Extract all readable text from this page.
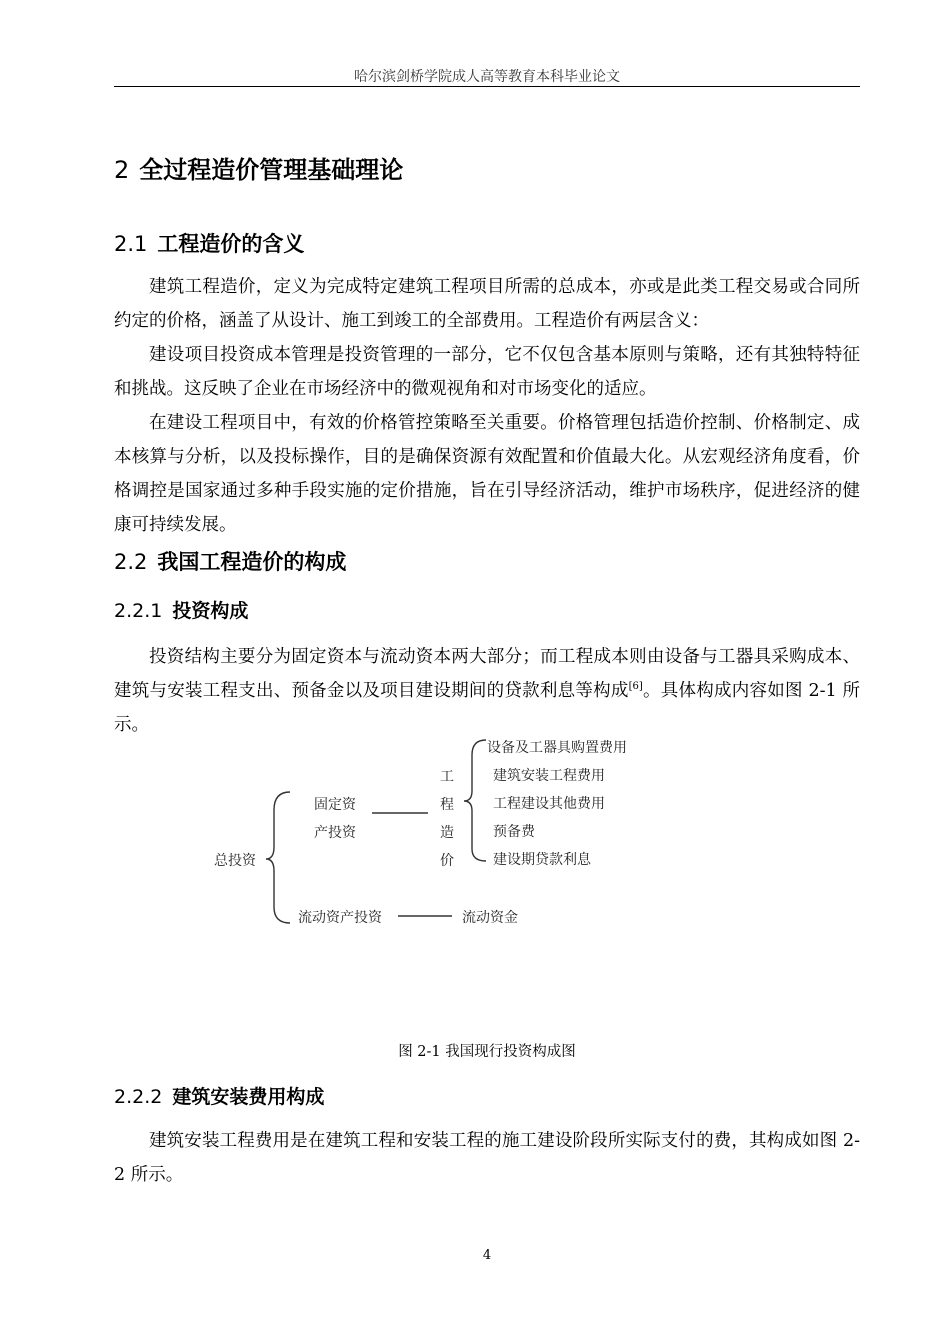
哈尔滨剑桥学院成人高等教育本科毕业论文
2 全过程造价管理基础理论
2.1 工程造价的含义
建筑工程造价，定义为完成特定建筑工程项目所需的总成本，亦或是此类工程交易或合同所约定的价格，涵盖了从设计、施工到竣工的全部费用。工程造价有两层含义：
建设项目投资成本管理是投资管理的一部分，它不仅包含基本原则与策略，还有其独特特征和挑战。这反映了企业在市场经济中的微观视角和对市场变化的适应。
在建设工程项目中，有效的价格管控策略至关重要。价格管理包括造价控制、价格制定、成本核算与分析，以及投标操作，目的是确保资源有效配置和价值最大化。从宏观经济角度看，价格调控是国家通过多种手段实施的定价措施，旨在引导经济活动，维护市场秩序，促进经济的健康可持续发展。
2.2 我国工程造价的构成
2.2.1 投资构成
投资结构主要分为固定资本与流动资本两大部分；而工程成本则由设备与工器具采购成本、建筑与安装工程支出、预备金以及项目建设期间的贷款利息等构成[6]。具体构成内容如图 2-1 所示。
总投资
固定资
产投资
工
程
造
价
设备及工器具购置费用
建筑安装工程费用
工程建设其他费用
预备费
建设期贷款利息
流动资产投资	流动资金
图 2-1 我国现行投资构成图
2.2.2 建筑安装费用构成
建筑安装工程费用是在建筑工程和安装工程的施工建设阶段所实际支付的费，其构成如图 2-2 所示。
4
